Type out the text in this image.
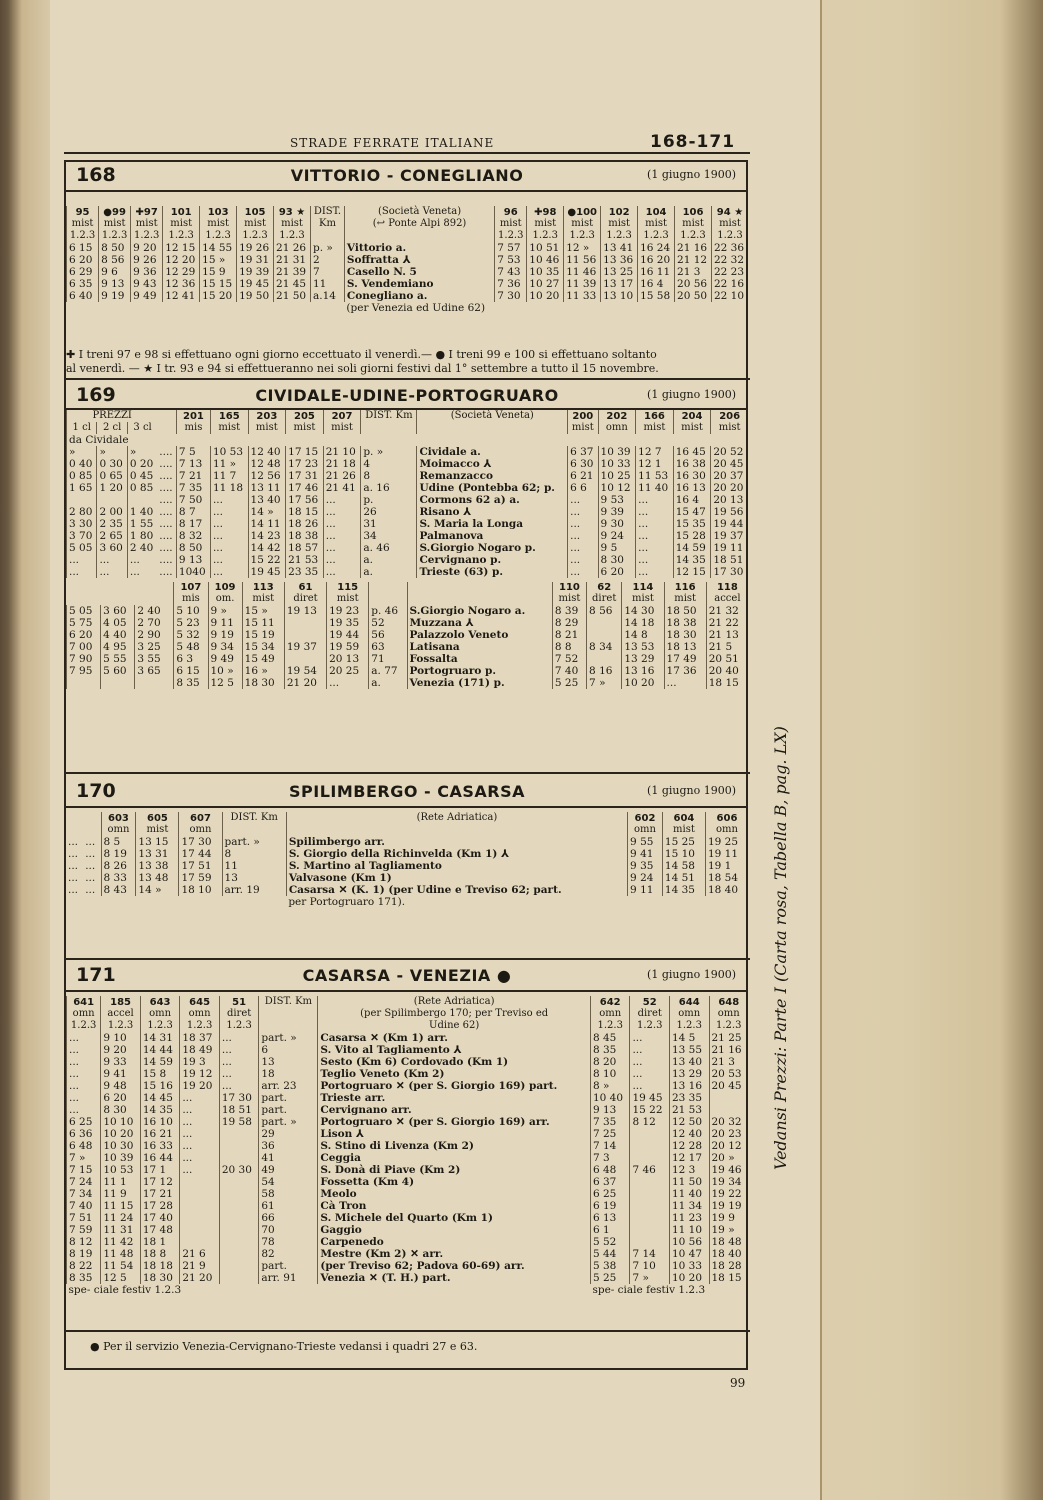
STRADE FERRATE ITALIANE	168-171
168	VITTORIO - CONEGLIANO	(1 giugno 1900)
95	●99	✚97	101	103	105	93 ★	DIST.	(Società Veneta)	96	✚98	●100	102	104	106	94 ★
mist	mist	mist	mist	mist	mist	mist	Km	(↩ Ponte Alpi 892)	mist	mist	mist	mist	mist	mist	mist
1.2.3	1.2.3	1.2.3	1.2.3	1.2.3	1.2.3	1.2.3			1.2.3	1.2.3	1.2.3	1.2.3	1.2.3	1.2.3	1.2.3
6 15	8 50	9 20	12 15	14 55	19 26	21 26	p. »	Vittorio a.	7 57	10 51	12 »	13 41	16 24	21 16	22 36
6 20	8 56	9 26	12 20	15 »	19 31	21 31	2	Soffratta ⅄	7 53	10 46	11 56	13 36	16 20	21 12	22 32
6 29	9 6	9 36	12 29	15 9	19 39	21 39	7	Casello N. 5	7 43	10 35	11 46	13 25	16 11	21 3	22 23
6 35	9 13	9 43	12 36	15 15	19 45	21 45	11	S. Vendemiano	7 36	10 27	11 39	13 17	16 4	20 56	22 16
6 40	9 19	9 49	12 41	15 20	19 50	21 50	a.14	Conegliano a.	7 30	10 20	11 33	13 10	15 58	20 50	22 10
								(per Venezia ed Udine 62)							
✚ I treni 97 e 98 si effettuano ogni giorno eccettuato il venerdì.— ● I treni 99 e 100 si effettuano soltanto
al venerdì. — ★ I tr. 93 e 94 si effettueranno nei soli giorni festivi dal 1° settembre a tutto il 15 novembre.
169	CIVIDALE-UDINE-PORTOGRUARO	(1 giugno 1900)
PREZZI				201	165	203	205	207	DIST. Km	(Società Veneta)	200	202	166	204	206
1 cl	2 cl	3 cl		mis	mist	mist	mist	mist			mist	omn	mist	mist	mist
da Cividale															
»	»	»	....	7 5	10 53	12 40	17 15	21 10	p. »	Cividale a.	6 37	10 39	12 7	16 45	20 52
0 40	0 30	0 20	....	7 13	11 »	12 48	17 23	21 18	4	Moimacco ⅄	6 30	10 33	12 1	16 38	20 45
0 85	0 65	0 45	....	7 21	11 7	12 56	17 31	21 26	8	Remanzacco	6 21	10 25	11 53	16 30	20 37
1 65	1 20	0 85	....	7 35	11 18	13 11	17 46	21 41	a. 16	Udine (Pontebba 62; p.	6 6	10 12	11 40	16 13	20 20
			....	7 50	...	13 40	17 56	...	p.	Cormons 62 a) a.	...	9 53	...	16 4	20 13
2 80	2 00	1 40	....	8 7	...	14 »	18 15	...	26	Risano ⅄	...	9 39	...	15 47	19 56
3 30	2 35	1 55	....	8 17	...	14 11	18 26	...	31	S. Maria la Longa	...	9 30	...	15 35	19 44
3 70	2 65	1 80	....	8 32	...	14 23	18 38	...	34	Palmanova	...	9 24	...	15 28	19 37
5 05	3 60	2 40	....	8 50	...	14 42	18 57	...	a. 46	S.Giorgio Nogaro p.	...	9 5	...	14 59	19 11
...	...	...	....	9 13	...	15 22	21 53	...	a.	Cervignano p.	...	8 30	...	14 35	18 51
...	...	...	....	1040	...	19 45	23 35	...	a.	Trieste (63) p.	...	6 20	...	12 15	17 30
				107	109	113	61	115			110	62	114	116	118
				mis	om.	mist	diret	mist			mist	diret	mist	mist	accel
5 05	3 60	2 40		5 10	9 »	15 »	19 13	19 23	p. 46	S.Giorgio Nogaro a.	8 39	8 56	14 30	18 50	21 32
5 75	4 05	2 70		5 23	9 11	15 11		19 35	52	Muzzana ⅄	8 29		14 18	18 38	21 22
6 20	4 40	2 90		5 32	9 19	15 19		19 44	56	Palazzolo Veneto	8 21		14 8	18 30	21 13
7 00	4 95	3 25		5 48	9 34	15 34	19 37	19 59	63	Latisana	8 8	8 34	13 53	18 13	21 5
7 90	5 55	3 55		6 3	9 49	15 49		20 13	71	Fossalta	7 52		13 29	17 49	20 51
7 95	5 60	3 65		6 15	10 »	16 »	19 54	20 25	a. 77	Portogruaro p.	7 40	8 16	13 16	17 36	20 40
				8 35	12 5	18 30	21 20	...	a.	Venezia (171) p.	5 25	7 »	10 20	...	18 15
170	SPILIMBERGO - CASARSA	(1 giugno 1900)
		603	605	607	DIST. Km	(Rete Adriatica)	602	604	606
		omn	mist	omn			omn	mist	omn
...	...	8 5	13 15	17 30	part. »	Spilimbergo arr.	9 55	15 25	19 25
...	...	8 19	13 31	17 44	8	S. Giorgio della Richinvelda (Km 1) ⅄	9 41	15 10	19 11
...	...	8 26	13 38	17 51	11	S. Martino al Tagliamento	9 35	14 58	19 1
...	...	8 33	13 48	17 59	13	Valvasone (Km 1)	9 24	14 51	18 54
...	...	8 43	14 »	18 10	arr. 19	Casarsa ✕ (K. 1) (per Udine e Treviso 62; part.	9 11	14 35	18 40
						per Portogruaro 171).			
171	CASARSA - VENEZIA ●	(1 giugno 1900)
641	185	643	645	51	DIST. Km	(Rete Adriatica)	642	52	644	648
omn	accel	omn	omn	diret		(per Spilimbergo 170; per Treviso ed	omn	diret	omn	omn
1.2.3	1.2.3	1.2.3	1.2.3	1.2.3		Udine 62)	1.2.3	1.2.3	1.2.3	1.2.3
...	9 10	14 31	18 37	...	part. »	Casarsa ✕ (Km 1) arr.	8 45	...	14 5	21 25
...	9 20	14 44	18 49	...	6	S. Vito al Tagliamento ⅄	8 35	...	13 55	21 16
...	9 33	14 59	19 3	...	13	Sesto (Km 6) Cordovado (Km 1)	8 20	...	13 40	21 3
...	9 41	15 8	19 12	...	18	Teglio Veneto (Km 2)	8 10	...	13 29	20 53
...	9 48	15 16	19 20	...	arr. 23	Portogruaro ✕ (per S. Giorgio 169) part.	8 »	...	13 16	20 45
...	6 20	14 45	...	17 30	part.	Trieste arr.	10 40	19 45	23 35	
...	8 30	14 35	...	18 51	part.	Cervignano arr.	9 13	15 22	21 53	
6 25	10 10	16 10	...	19 58	part. »	Portogruaro ✕ (per S. Giorgio 169) arr.	7 35	8 12	12 50	20 32
6 36	10 20	16 21	...		29	Lison ⅄	7 25		12 40	20 23
6 48	10 30	16 33	...		36	S. Stino di Livenza (Km 2)	7 14		12 28	20 12
7 »	10 39	16 44	...		41	Ceggia	7 3		12 17	20 »
7 15	10 53	17 1	...	20 30	49	S. Donà di Piave (Km 2)	6 48	7 46	12 3	19 46
7 24	11 1	17 12			54	Fossetta (Km 4)	6 37		11 50	19 34
7 34	11 9	17 21			58	Meolo	6 25		11 40	19 22
7 40	11 15	17 28			61	Cà Tron	6 19		11 34	19 19
7 51	11 24	17 40			66	S. Michele del Quarto (Km 1)	6 13		11 23	19 9
7 59	11 31	17 48			70	Gaggio	6 1		11 10	19 »
8 12	11 42	18 1			78	Carpenedo	5 52		10 56	18 48
8 19	11 48	18 8	21 6		82	Mestre (Km 2) ✕ arr.	5 44	7 14	10 47	18 40
8 22	11 54	18 18	21 9		part.	(per Treviso 62; Padova 60-69) arr.	5 38	7 10	10 33	18 28
8 35	12 5	18 30	21 20		arr. 91	Venezia ✕ (T. H.) part.	5 25	7 »	10 20	18 15
spe- ciale festiv 1.2.3							spe- ciale festiv 1.2.3			
● Per il servizio Venezia-Cervignano-Trieste vedansi i quadri 27 e 63.
Vedansi Prezzi: Parte I (Carta rosa, Tabella B, pag. LX)
99
